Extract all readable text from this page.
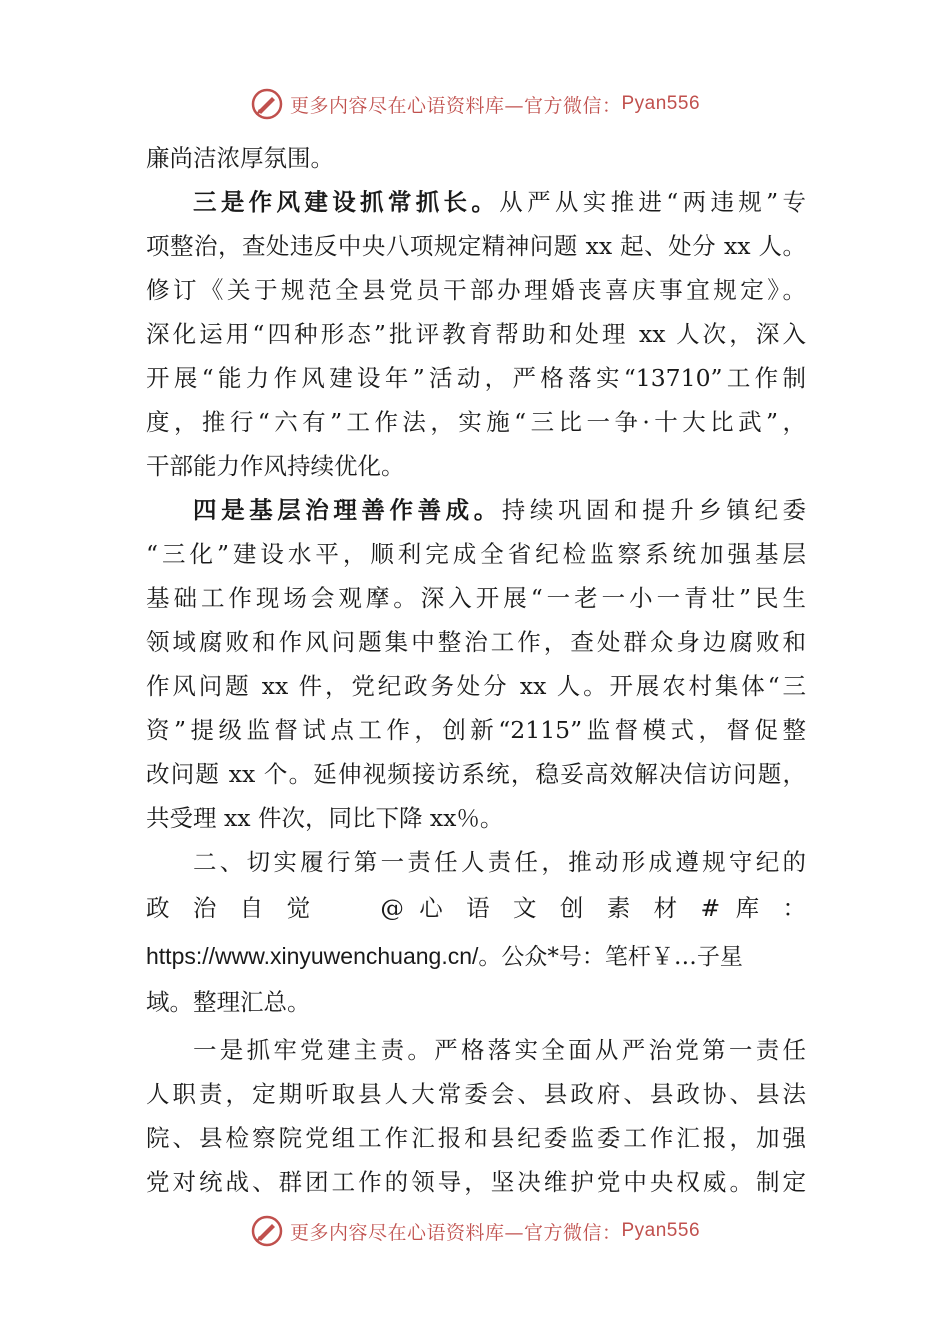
更多内容尽在心语资料库— 官方微信： Pyan556
廉尚洁浓厚氛围。
三是作风建设抓常抓长。从严从实推进“两违规”专
项整治，查处违反中央八项规定精神问题 xx 起、处分 xx 人。
修订《关于规范全县党员干部办理婚丧喜庆事宜规定》。
深化运用“四种形态”批评教育帮助和处理 xx 人次，深入
开展“能力作风建设年”活动，严格落实“13710”工作制
度，推行“六有”工作法，实施“三比一争·十大比武”，
干部能力作风持续优化。
四是基层治理善作善成。持续巩固和提升乡镇纪委
“三化”建设水平，顺利完成全省纪检监察系统加强基层
基础工作现场会观摩。深入开展“一老一小一青壮”民生
领域腐败和作风问题集中整治工作，查处群众身边腐败和
作风问题 xx 件，党纪政务处分 xx 人。开展农村集体“三
资”提级监督试点工作，创新“2115”监督模式，督促整
改问题 xx 个。延伸视频接访系统，稳妥高效解决信访问题，
共受理 xx 件次，同比下降 xx％。
二、切实履行第一责任人责任，推动形成遵规守纪的
政 治 自 觉 　 @ 心 语 文 创 素 材 # 库 ：
https://www.xinyuwenchuang.cn/。公众*号：笔杆￥…子星
域。整理汇总。
一是抓牢党建主责。严格落实全面从严治党第一责任
人职责，定期听取县人大常委会、县政府、县政协、县法
院、县检察院党组工作汇报和县纪委监委工作汇报，加强
党对统战、群团工作的领导，坚决维护党中央权威。制定
更多内容尽在心语资料库— 官方微信： Pyan556
